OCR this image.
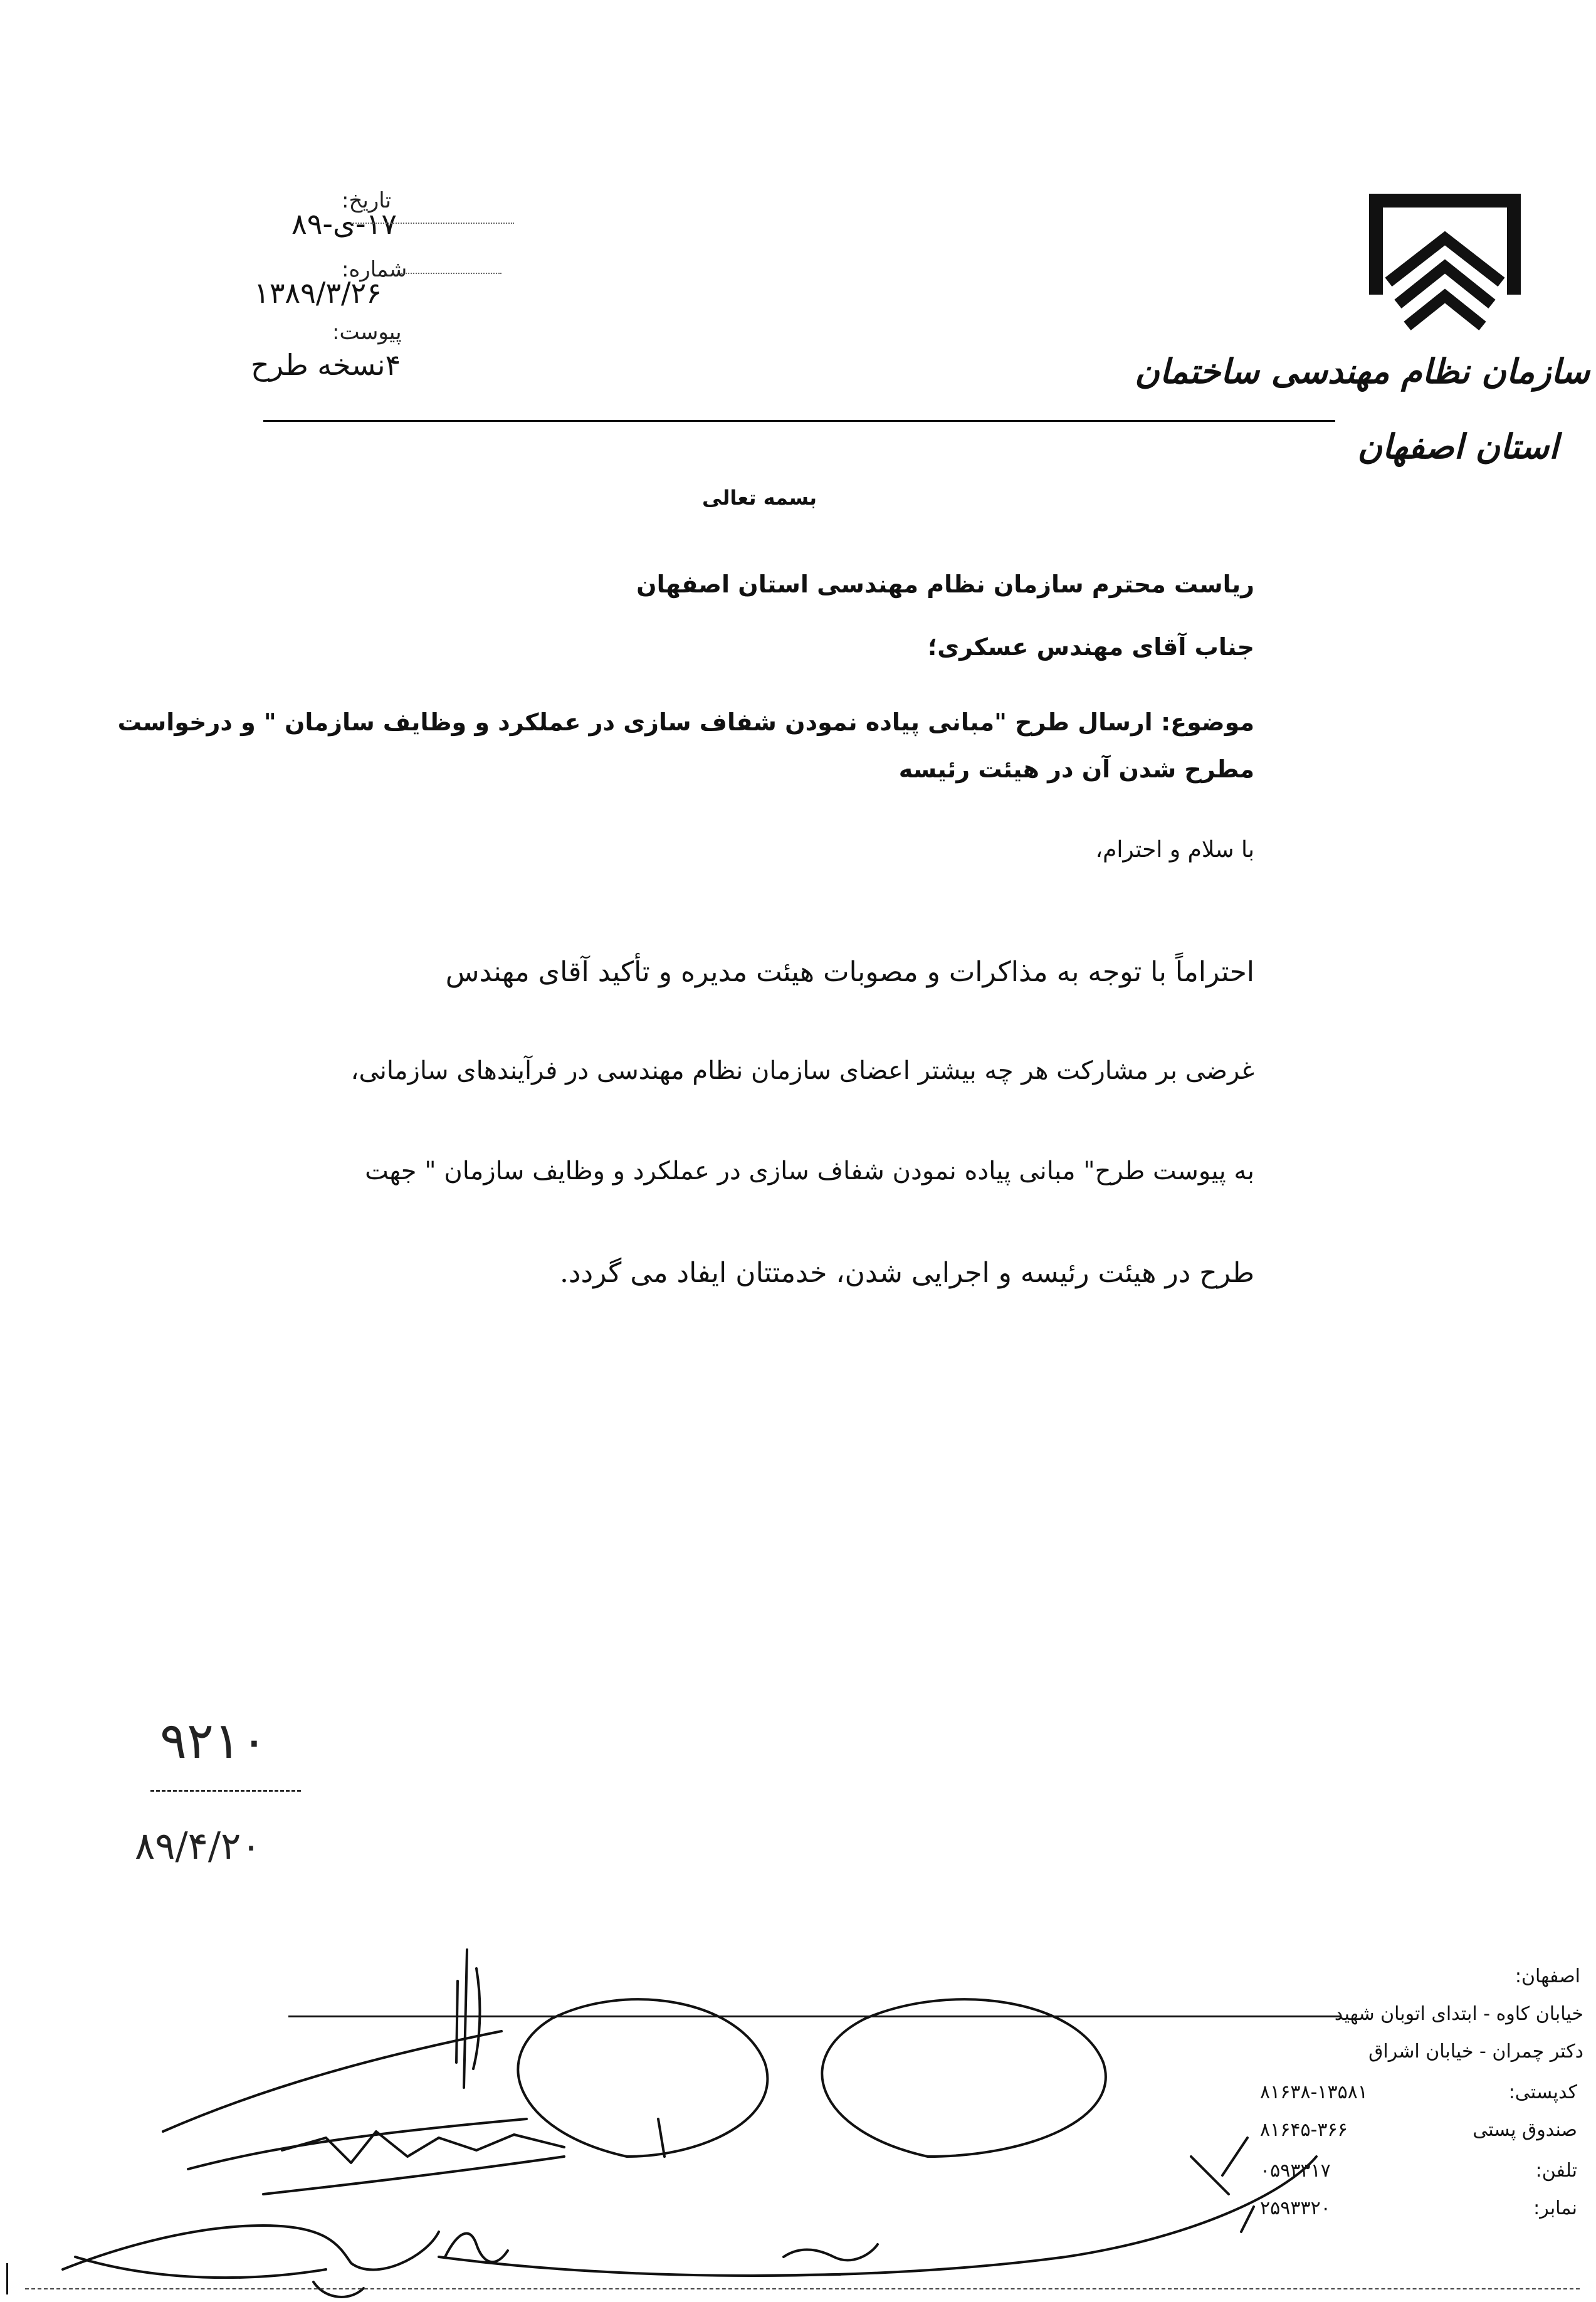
سازمان نظام مهندسی ساختمان
استان اصفهان
تاریخ:
۱۷-ی-۸۹
شماره:
۱۳۸۹/۳/۲۶
پیوست:
۴نسخه طرح
بسمه تعالی
ریاست محترم سازمان نظام مهندسی استان اصفهان
جناب آقای مهندس عسکری؛
موضوع: ارسال طرح "مبانی پیاده نمودن شفاف سازی در عملکرد و وظایف سازمان " و درخواست
مطرح شدن آن در هیئت رئیسه
با سلام و احترام،
احتراماً با توجه به مذاکرات و مصوبات هیئت مدیره و تأکید آقای مهندس
غرضی بر مشارکت هر چه بیشتر اعضای سازمان نظام مهندسی در فرآیندهای سازمانی،
به پیوست طرح" مبانی پیاده نمودن شفاف سازی در عملکرد و وظایف سازمان " جهت
طرح در هیئت رئیسه و اجرایی شدن، خدمتتان ایفاد می گردد.
۹۲۱۰
۸۹/۴/۲۰
اصفهان:
خیابان کاوه - ابتدای اتوبان شهید
دکتر چمران - خیابان اشراق
کدپستی:
۸۱۶۳۸-۱۳۵۸۱
صندوق پستی
۸۱۶۴۵-۳۶۶
تلفن:
۰۵۹۳۳۱۷
نمابر:
۲۵۹۳۳۲۰
